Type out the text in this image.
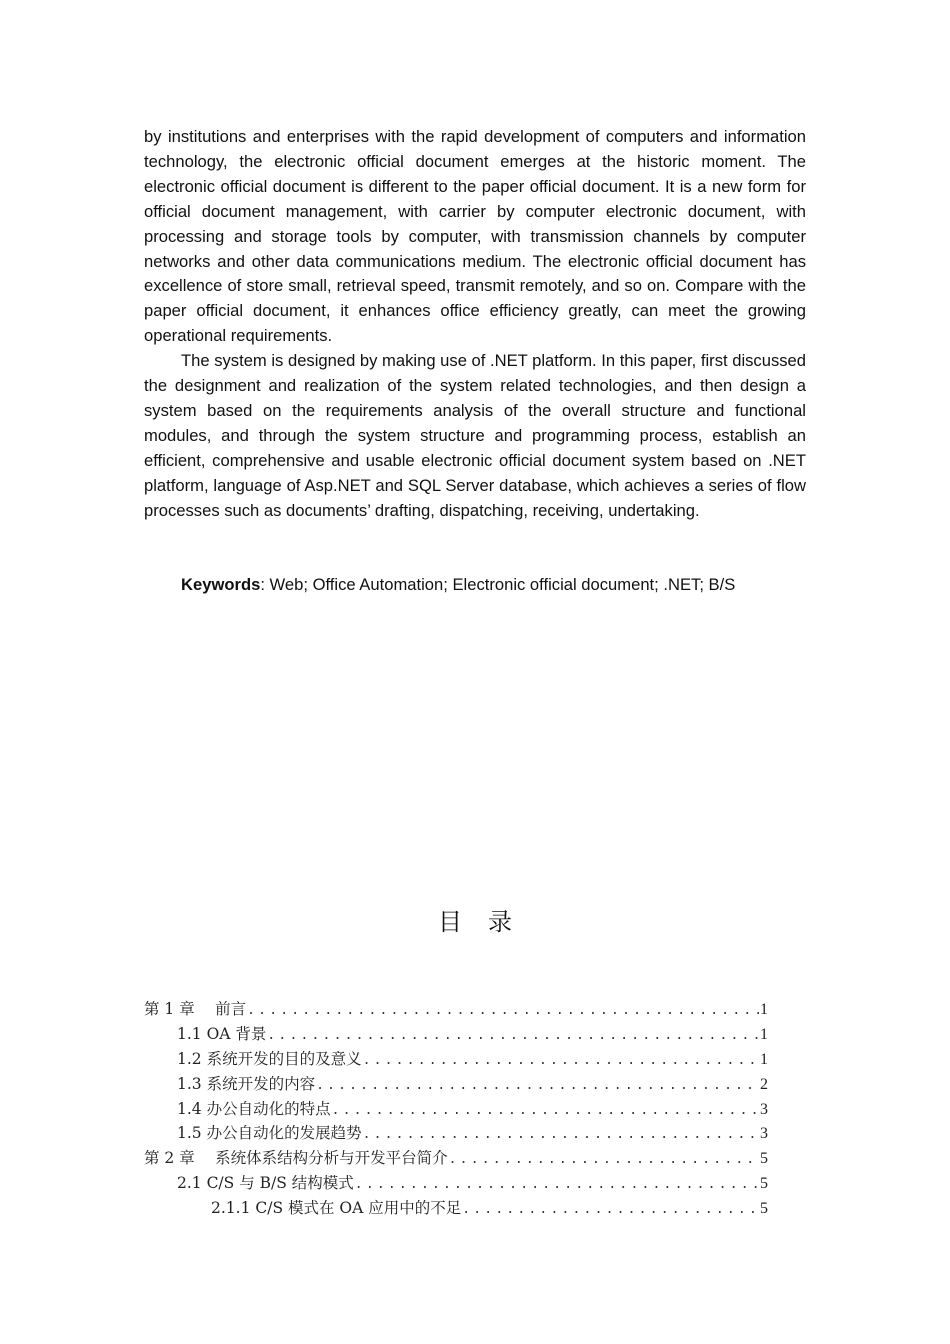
by institutions and enterprises with the rapid development of computers and information technology, the electronic official document emerges at the historic moment. The electronic official document is different to the paper official document. It is a new form for official document management, with carrier by computer electronic document, with processing and storage tools by computer, with transmission channels by computer networks and other data communications medium. The electronic official document has excellence of store small, retrieval speed, transmit remotely, and so on. Compare with the paper official document, it enhances office efficiency greatly, can meet the growing operational requirements.

The system is designed by making use of .NET platform. In this paper, first discussed the designment and realization of the system related technologies, and then design a system based on the requirements analysis of the overall structure and functional modules, and through the system structure and programming process, establish an efficient, comprehensive and usable electronic official document system based on .NET platform, language of Asp.NET and SQL Server database, which achieves a series of flow processes such as documents’ drafting, dispatching, receiving, undertaking.

Keywords: Web; Office Automation; Electronic official document; .NET; B/S
目录
第 1 章　 前言 .....	1
1.1 OA 背景 .....	1
1.2 系统开发的目的及意义 .....	1
1.3 系统开发的内容 .....	2
1.4 办公自动化的特点 .....	3
1.5 办公自动化的发展趋势 .....	3
第 2 章　 系统体系结构分析与开发平台简介 .....	5
2.1 C/S 与 B/S 结构模式 .....	5
2.1.1 C/S 模式在 OA 应用中的不足 .....	5
